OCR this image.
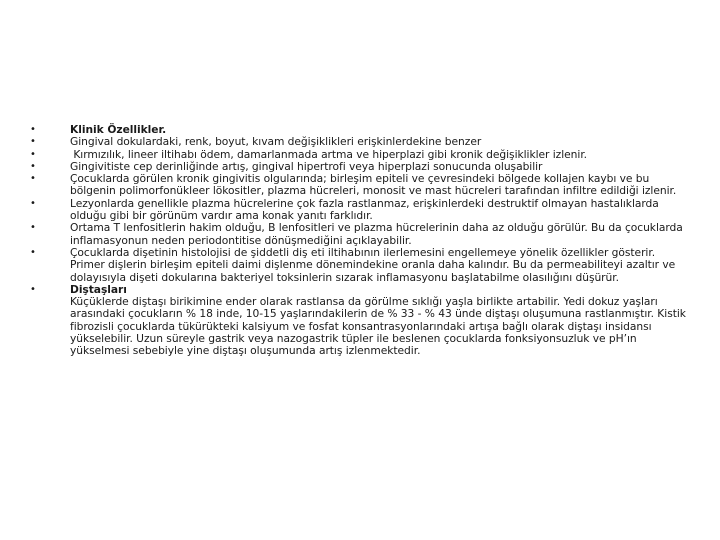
•	Klinik Özellikler.
•	Gingival dokulardaki, renk, boyut, kıvam değişiklikleri erişkinlerdekine benzer
•	Kırmızılık, lineer iltihabı ödem, damarlanmada artma ve hiperplazi gibi kronik değişiklikler izlenir.
•	Gingivitiste cep derinliğinde artış, gingival hipertrofi veya hiperplazi sonucunda oluşabilir
•	Çocuklarda görülen kronik gingivitis olgularında; birleşim epiteli ve çevresindeki bölgede kollajen kaybı ve bu bölgenin polimorfonükleer lökositler, plazma hücreleri, monosit ve mast hücreleri tarafından infiltre edildiği izlenir.
•	Lezyonlarda genellikle plazma hücrelerine çok fazla rastlanmaz, erişkinlerdeki destruktif olmayan hastalıklarda olduğu gibi bir görünüm vardır ama konak yanıtı farklıdır.
•	Ortama T lenfositlerin hakim olduğu, B lenfositleri ve plazma hücrelerinin daha az olduğu görülür. Bu da çocuklarda inflamasyonun neden periodontitise dönüşmediğini açıklayabilir.
•	Çocuklarda dişetinin histolojisi de şiddetli diş eti iltihabının ilerlemesini engellemeye yönelik özellikler gösterir. Primer dişlerin birleşim epiteli daimi dişlenme dönemindekine oranla daha kalındır. Bu da permeabiliteyi azaltır ve dolayısıyla dişeti dokularına bakteriyel toksinlerin sızarak inflamasyonu başlatabilme olasılığını düşürür.
•	Diştaşları
Küçüklerde diştaşı birikimine ender olarak rastlansa da görülme sıklığı yaşla birlikte artabilir. Yedi dokuz yaşları arasındaki çocukların % 18 inde, 10-15 yaşlarındakilerin de % 33 - % 43 ünde diştaşı oluşumuna rastlanmıştır. Kistik fibrozisli çocuklarda tükürükteki kalsiyum ve fosfat konsantrasyonlarındaki artışa bağlı olarak diştaşı insidansı yükselebilir. Uzun süreyle gastrik veya nazogastrik tüpler ile beslenen çocuklarda fonksiyonsuzluk ve pH’ın yükselmesi sebebiyle yine diştaşı oluşumunda artış izlenmektedir.
